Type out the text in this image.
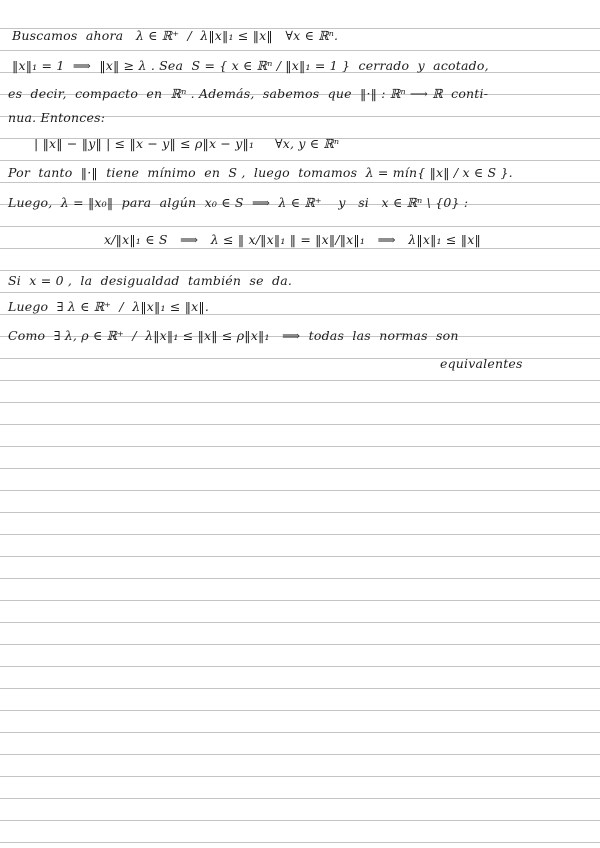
Buscamos  ahora   λ ∈ ℝ⁺  /  λ‖x‖₁ ≤ ‖x‖   ∀x ∈ ℝⁿ.

‖x‖₁ = 1  ⟹  ‖x‖ ≥ λ . Sea  S = { x ∈ ℝⁿ / ‖x‖₁ = 1 }  cerrado  y  acotado,

es  decir,  compacto  en  ℝⁿ . Además,  sabemos  que  ‖·‖ : ℝⁿ ⟶ ℝ  conti-

nua. Entonces:

| ‖x‖ − ‖y‖ | ≤ ‖x − y‖ ≤ ρ‖x − y‖₁     ∀x, y ∈ ℝⁿ

Por  tanto  ‖·‖  tiene  mínimo  en  S ,  luego  tomamos  λ = mín{ ‖x‖ / x ∈ S }.

Luego,  λ = ‖x₀‖  para  algún  x₀ ∈ S  ⟹  λ ∈ ℝ⁺    y   si   x ∈ ℝⁿ \ {0} :

x/‖x‖₁ ∈ S   ⟹   λ ≤ ‖ x/‖x‖₁ ‖ = ‖x‖/‖x‖₁   ⟹   λ‖x‖₁ ≤ ‖x‖

Si  x = 0 ,  la  desigualdad  también  se  da.

Luego  ∃ λ ∈ ℝ⁺  /  λ‖x‖₁ ≤ ‖x‖.

Como  ∃ λ, ρ ∈ ℝ⁺  /  λ‖x‖₁ ≤ ‖x‖ ≤ ρ‖x‖₁   ⟹  todas  las  normas  son

equivalentes
